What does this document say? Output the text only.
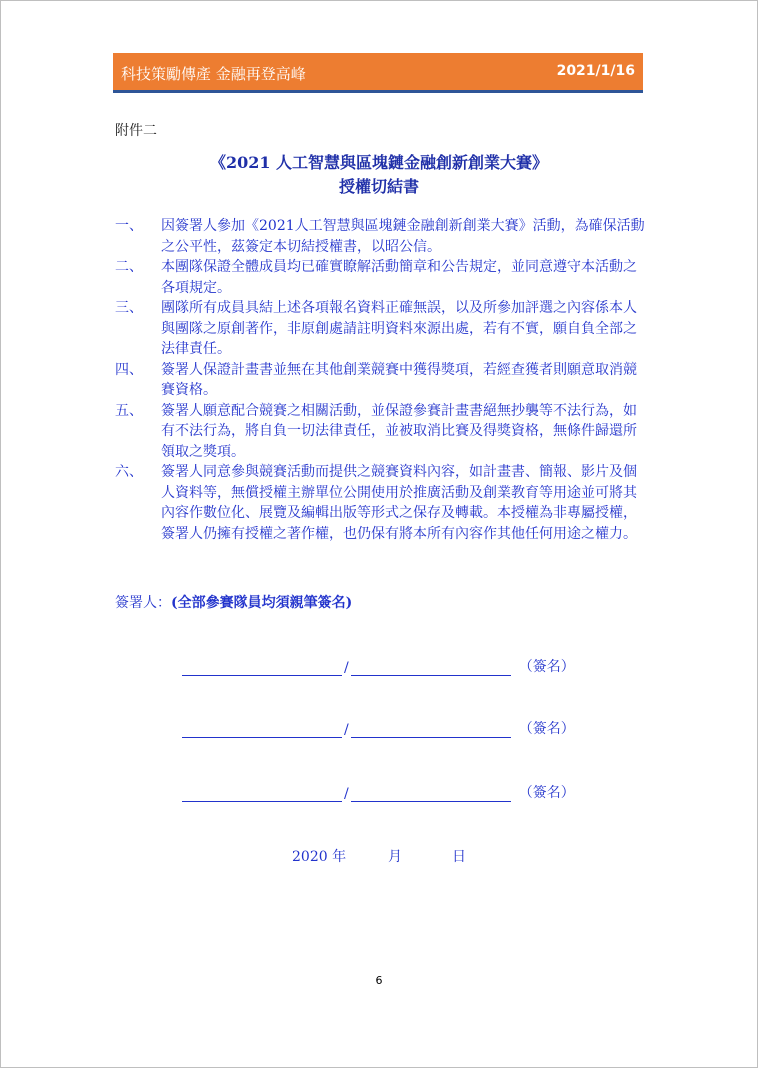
科技策勵傳產 金融再登高峰	2021/1/16
附件二
《2021 人工智慧與區塊鏈金融創新創業大賽》
授權切結書
一、	因簽署人參加《2021人工智慧與區塊鏈金融創新創業大賽》活動，為確保活動之公平性，茲簽定本切結授權書，以昭公信。
二、	本團隊保證全體成員均已確實瞭解活動簡章和公告規定，並同意遵守本活動之各項規定。
三、	團隊所有成員具結上述各項報名資料正確無誤，以及所參加評選之內容係本人與團隊之原創著作，非原創處請註明資料來源出處，若有不實，願自負全部之法律責任。
四、	簽署人保證計畫書並無在其他創業競賽中獲得獎項，若經查獲者則願意取消競賽資格。
五、	簽署人願意配合競賽之相關活動，並保證參賽計畫書絕無抄襲等不法行為，如有不法行為，將自負一切法律責任，並被取消比賽及得獎資格，無條件歸還所領取之獎項。
六、	簽署人同意參與競賽活動而提供之競賽資料內容，如計畫書、簡報、影片及個人資料等，無償授權主辦單位公開使用於推廣活動及創業教育等用途並可將其內容作數位化、展覽及編輯出版等形式之保存及轉載。本授權為非專屬授權，簽署人仍擁有授權之著作權，也仍保有將本所有內容作其他任何用途之權力。
簽署人：(全部參賽隊員均須親筆簽名)
/	（簽名）
/	（簽名）
/	（簽名）
2020 年	月	日
6
